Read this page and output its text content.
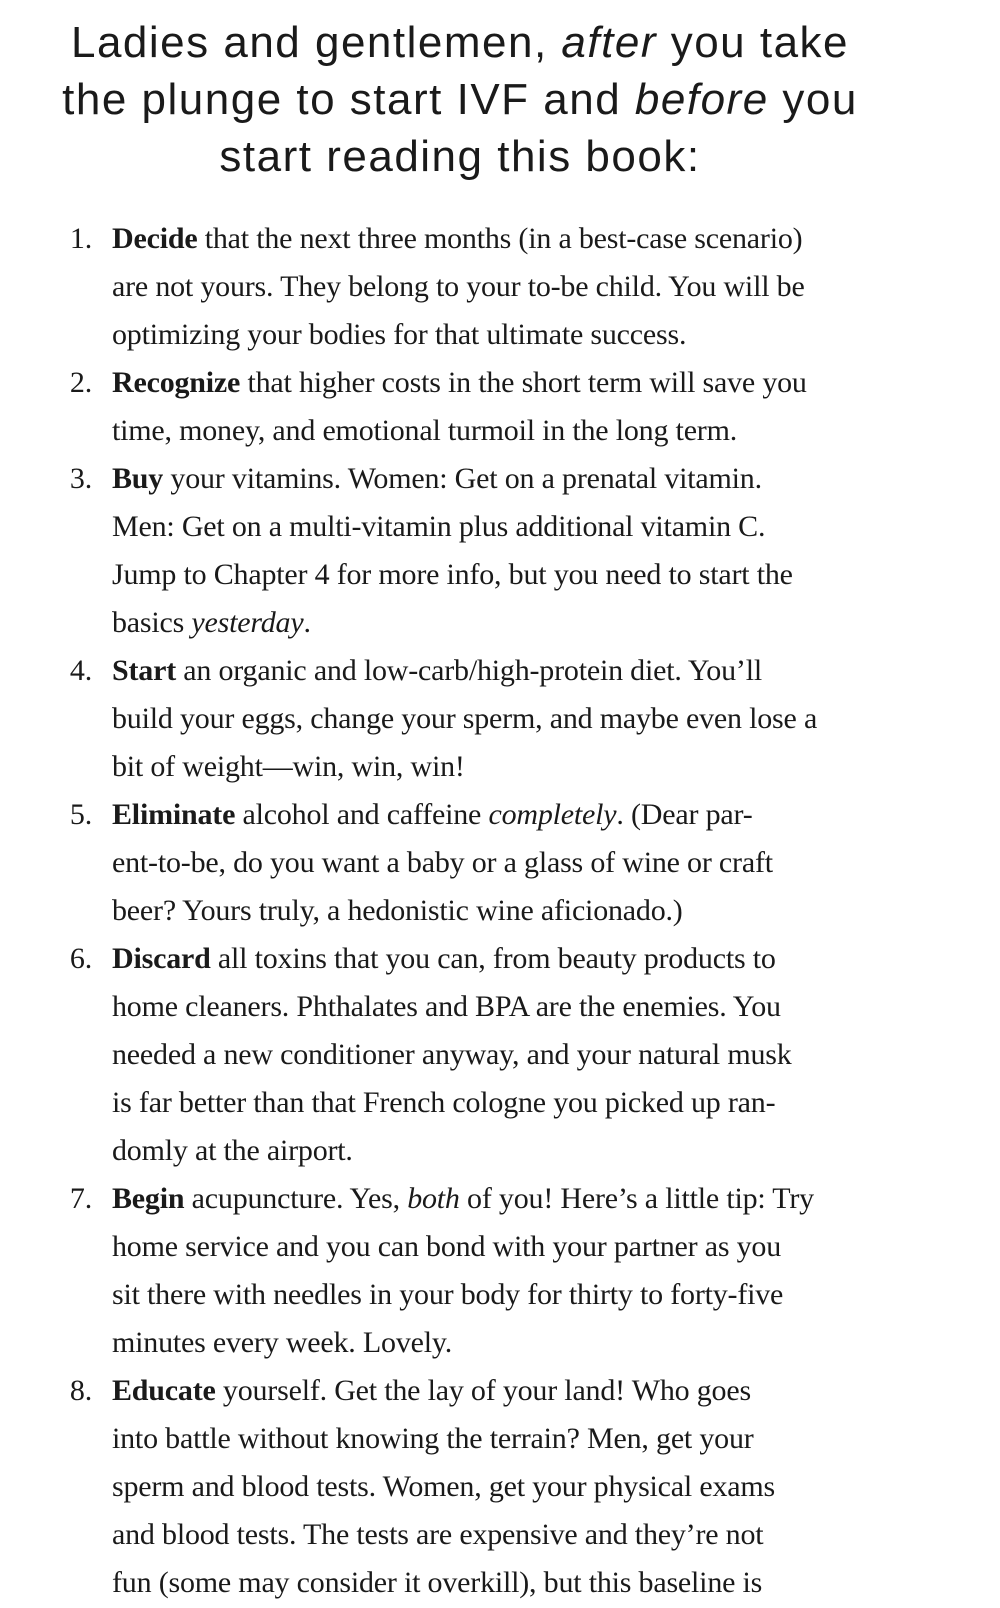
Ladies and gentlemen, after you take
the plunge to start IVF and before you
start reading this book:
1. Decide that the next three months (in a best-case scenario)
are not yours. They belong to your to-be child. You will be
optimizing your bodies for that ultimate success.
2. Recognize that higher costs in the short term will save you
time, money, and emotional turmoil in the long term.
3. Buy your vitamins. Women: Get on a prenatal vitamin.
Men: Get on a multi-vitamin plus additional vitamin C.
Jump to Chapter 4 for more info, but you need to start the
basics yesterday.
4. Start an organic and low-carb/high-protein diet. You’ll
build your eggs, change your sperm, and maybe even lose a
bit of weight—win, win, win!
5. Eliminate alcohol and caffeine completely. (Dear par-
ent-to-be, do you want a baby or a glass of wine or craft
beer? Yours truly, a hedonistic wine aficionado.)
6. Discard all toxins that you can, from beauty products to
home cleaners. Phthalates and BPA are the enemies. You
needed a new conditioner anyway, and your natural musk
is far better than that French cologne you picked up ran-
domly at the airport.
7. Begin acupuncture. Yes, both of you! Here’s a little tip: Try
home service and you can bond with your partner as you
sit there with needles in your body for thirty to forty-five
minutes every week. Lovely.
8. Educate yourself. Get the lay of your land! Who goes
into battle without knowing the terrain? Men, get your
sperm and blood tests. Women, get your physical exams
and blood tests. The tests are expensive and they’re not
fun (some may consider it overkill), but this baseline is
